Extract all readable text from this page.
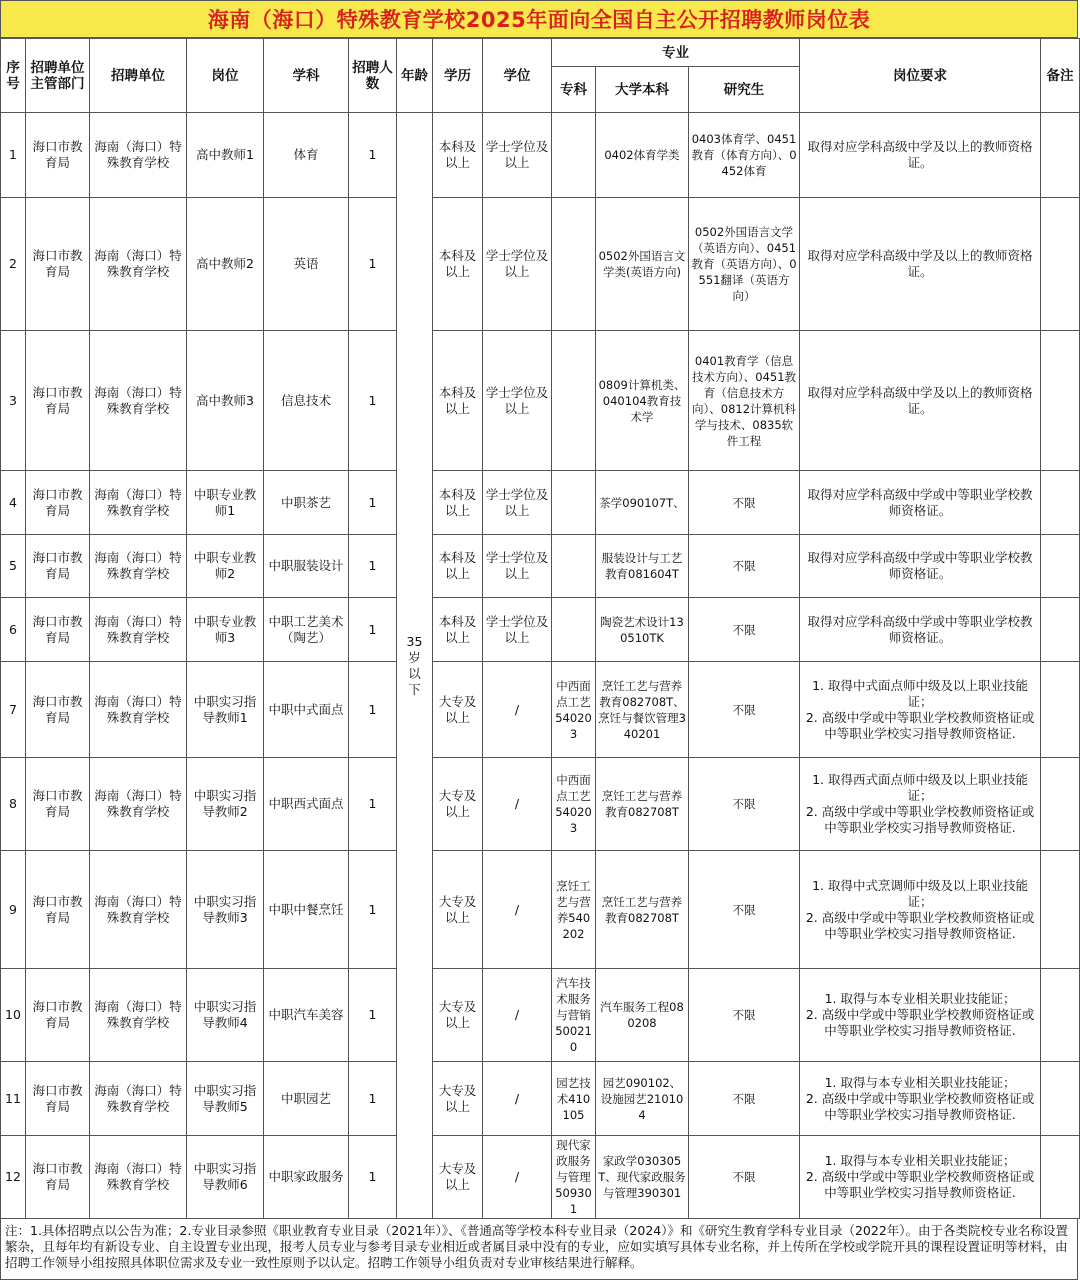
海南（海口）特殊教育学校2025年面向全国自主公开招聘教师岗位表
序号	招聘单位主管部门	招聘单位	岗位	学科	招聘人数	年龄	学历	学位	专业			岗位要求	备注
									专科	大学本科	研究生		
1	海口市教育局	海南（海口）特殊教育学校	高中教师1	体育	1	35岁以下	本科及以上	学士学位及以上		0402体育学类	0403体育学、0451教育（体育方向）、0452体育	取得对应学科高级中学及以上的教师资格证。	
2	海口市教育局	海南（海口）特殊教育学校	高中教师2	英语	1		本科及以上	学士学位及以上		0502外国语言文学类(英语方向)	0502外国语言文学（英语方向）、0451教育（英语方向）、0551翻译（英语方向）	取得对应学科高级中学及以上的教师资格证。	
3	海口市教育局	海南（海口）特殊教育学校	高中教师3	信息技术	1		本科及以上	学士学位及以上		0809计算机类、040104教育技术学	0401教育学（信息技术方向）、0451教育（信息技术方向）、0812计算机科学与技术、0835软件工程	取得对应学科高级中学及以上的教师资格证。	
4	海口市教育局	海南（海口）特殊教育学校	中职专业教师1	中职茶艺	1		本科及以上	学士学位及以上		茶学090107T、	不限	取得对应学科高级中学或中等职业学校教师资格证。	
5	海口市教育局	海南（海口）特殊教育学校	中职专业教师2	中职服装设计	1		本科及以上	学士学位及以上		服装设计与工艺教育081604T	不限	取得对应学科高级中学或中等职业学校教师资格证。	
6	海口市教育局	海南（海口）特殊教育学校	中职专业教师3	中职工艺美术（陶艺）	1		本科及以上	学士学位及以上		陶瓷艺术设计130510TK	不限	取得对应学科高级中学或中等职业学校教师资格证。	
7	海口市教育局	海南（海口）特殊教育学校	中职实习指导教师1	中职中式面点	1		大专及以上	/	中西面点工艺540203	烹饪工艺与营养教育082708T、烹饪与餐饮管理340201	不限	1. 取得中式面点师中级及以上职业技能证；
2. 高级中学或中等职业学校教师资格证或中等职业学校实习指导教师资格证.	
8	海口市教育局	海南（海口）特殊教育学校	中职实习指导教师2	中职西式面点	1		大专及以上	/	中西面点工艺540203	烹饪工艺与营养教育082708T	不限	1. 取得西式面点师中级及以上职业技能证；
2. 高级中学或中等职业学校教师资格证或中等职业学校实习指导教师资格证.	
9	海口市教育局	海南（海口）特殊教育学校	中职实习指导教师3	中职中餐烹饪	1		大专及以上	/	烹饪工艺与营养540202	烹饪工艺与营养教育082708T	不限	1. 取得中式烹调师中级及以上职业技能证；
2. 高级中学或中等职业学校教师资格证或中等职业学校实习指导教师资格证.	
10	海口市教育局	海南（海口）特殊教育学校	中职实习指导教师4	中职汽车美容	1		大专及以上	/	汽车技术服务与营销500210	汽车服务工程080208	不限	1. 取得与本专业相关职业技能证；
2. 高级中学或中等职业学校教师资格证或中等职业学校实习指导教师资格证.	
11	海口市教育局	海南（海口）特殊教育学校	中职实习指导教师5	中职园艺	1		大专及以上	/	园艺技术410105	园艺090102、设施园艺210104	不限	1. 取得与本专业相关职业技能证；
2. 高级中学或中等职业学校教师资格证或中等职业学校实习指导教师资格证.	
12	海口市教育局	海南（海口）特殊教育学校	中职实习指导教师6	中职家政服务	1		大专及以上	/	现代家政服务与管理509301	家政学030305T、现代家政服务与管理390301	不限	1. 取得与本专业相关职业技能证；
2. 高级中学或中等职业学校教师资格证或中等职业学校实习指导教师资格证.	
注：1.具体招聘点以公告为准；2.专业目录参照《职业教育专业目录（2021年）》、《普通高等学校本科专业目录（2024）》和《研究生教育学科专业目录（2022年）。由于各类院校专业名称设置繁杂，且每年均有新设专业、自主设置专业出现，报考人员专业与参考目录专业相近或者属目录中没有的专业，应如实填写具体专业名称，并上传所在学校或学院开具的课程设置证明等材料，由招聘工作领导小组按照具体职位需求及专业一致性原则予以认定。招聘工作领导小组负责对专业审核结果进行解释。
